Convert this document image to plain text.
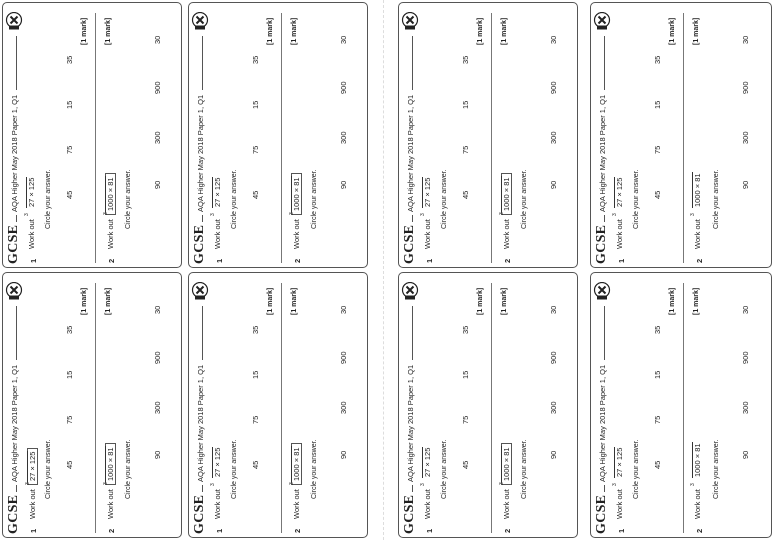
GCSE
AQA Higher May 2018 Paper 1, Q1
1
Work out
3
27 × 125 Circle your answer. 45
75
15
35
[1 mark]
2
Work out
3
1000 × 81
[1 mark]
Circle your answer.	90
300
900
30
GCSE
AQA Higher May 2018 Paper 1, Q1
1
Work out
3
27 × 125 Circle your answer. 45
75
15
35
[1 mark]
2
Work out
3
1000 × 81
[1 mark]
Circle your answer.	90
300
900
30
GCSE
AQA Higher May 2018 Paper 1, Q1
1
Work out
3
27 × 125 Circle your answer. 45
75
15
35
[1 mark]
2
Work out
3
1000 × 81
[1 mark]
Circle your answer.	90
300
900
30
GCSE
AQA Higher May 2018 Paper 1, Q1
1
Work out
3
27 × 125 Circle your answer. 45
75
15
35
[1 mark]
2
Work out
3
1000 × 81
[1 mark]
Circle your answer.	90
300
900
30
GCSE
AQA Higher May 2018 Paper 1, Q1
1
Work out
3
27 × 125 Circle your answer. 45
75
15
35
[1 mark]
2
Work out
3
1000 × 81
[1 mark]
Circle your answer.	90
300
900
30
GCSE
AQA Higher May 2018 Paper 1, Q1
1
Work out
3
27 × 125 Circle your answer. 45
75
15
35
[1 mark]
2
Work out
3
1000 × 81
[1 mark]
Circle your answer.	90
300
900
30
GCSE
AQA Higher May 2018 Paper 1, Q1
1
Work out
3
27 × 125 Circle your answer. 45
75
15
35
[1 mark]
2
Work out
3
1000 × 81
[1 mark]
Circle your answer.	90
300
900
30
GCSE
AQA Higher May 2018 Paper 1, Q1
1
Work out
3
27 × 125 Circle your answer. 45
75
15
35
[1 mark]
2
Work out
3
1000 × 81
[1 mark]
Circle your answer.	90
300
900
30
